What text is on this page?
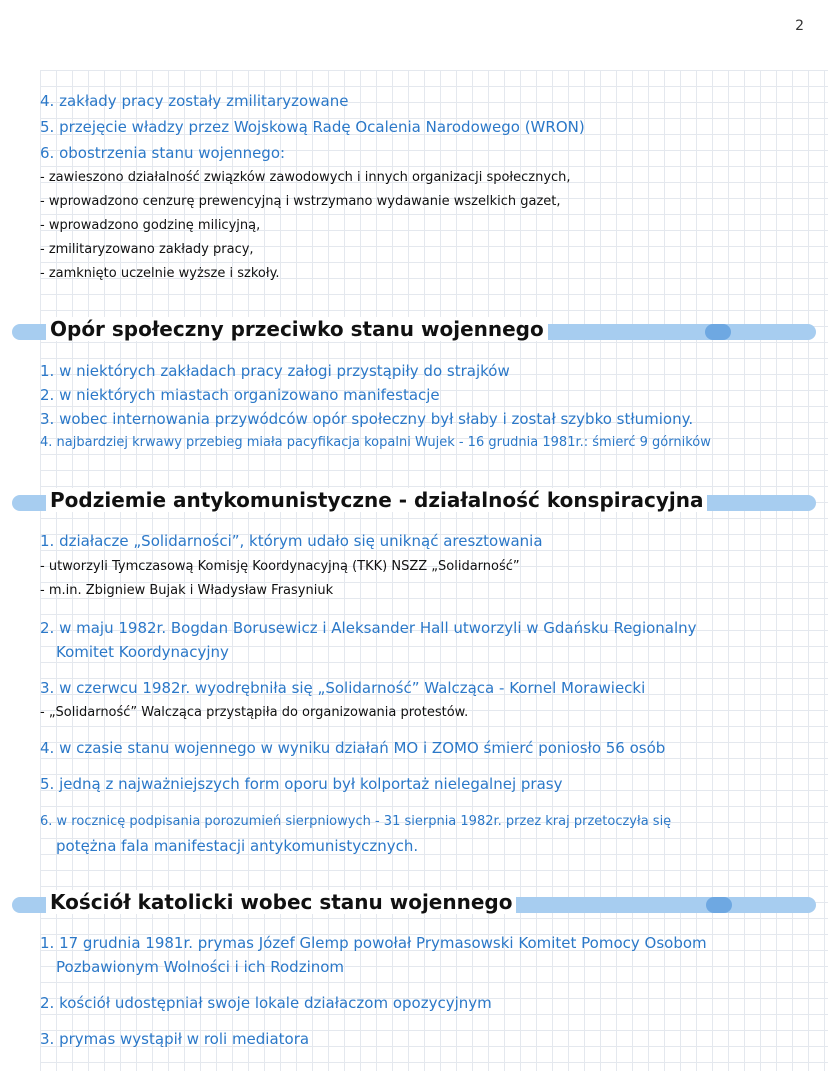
2
4. zakłady pracy zostały zmilitaryzowane
5. przejęcie władzy przez Wojskową Radę Ocalenia Narodowego (WRON)
6. obostrzenia stanu wojennego:
- zawieszono działalność związków zawodowych i innych organizacji społecznych,
- wprowadzono cenzurę prewencyjną i wstrzymano wydawanie wszelkich gazet,
- wprowadzono godzinę milicyjną,
- zmilitaryzowano zakłady pracy,
- zamknięto uczelnie wyższe i szkoły.
Opór społeczny przeciwko stanu wojennego
1. w niektórych zakładach pracy załogi przystąpiły do strajków
2. w niektórych miastach organizowano manifestacje
3. wobec internowania przywódców opór społeczny był słaby i został szybko stłumiony.
4. najbardziej krwawy przebieg miała pacyfikacja kopalni Wujek - 16 grudnia 1981r.: śmierć 9 górników
Podziemie antykomunistyczne - działalność konspiracyjna
1. działacze „Solidarności”, którym udało się uniknąć aresztowania
- utworzyli Tymczasową Komisję Koordynacyjną (TKK) NSZZ „Solidarność”
- m.in. Zbigniew Bujak i Władysław Frasyniuk
2. w maju 1982r. Bogdan Borusewicz i Aleksander Hall utworzyli w Gdańsku Regionalny
Komitet Koordynacyjny
3. w czerwcu 1982r. wyodrębniła się „Solidarność” Walcząca - Kornel Morawiecki
- „Solidarność” Walcząca przystąpiła do organizowania protestów.
4. w czasie stanu wojennego w wyniku działań MO i ZOMO śmierć poniosło 56 osób
5. jedną z najważniejszych form oporu był kolportaż nielegalnej prasy
6. w rocznicę podpisania porozumień sierpniowych - 31 sierpnia 1982r. przez kraj przetoczyła się
potężna fala manifestacji antykomunistycznych.
Kościół katolicki wobec stanu wojennego
1. 17 grudnia 1981r. prymas Józef Glemp powołał Prymasowski Komitet Pomocy Osobom
Pozbawionym Wolności i ich Rodzinom
2. kościół udostępniał swoje lokale działaczom opozycyjnym
3. prymas wystąpił w roli mediatora
